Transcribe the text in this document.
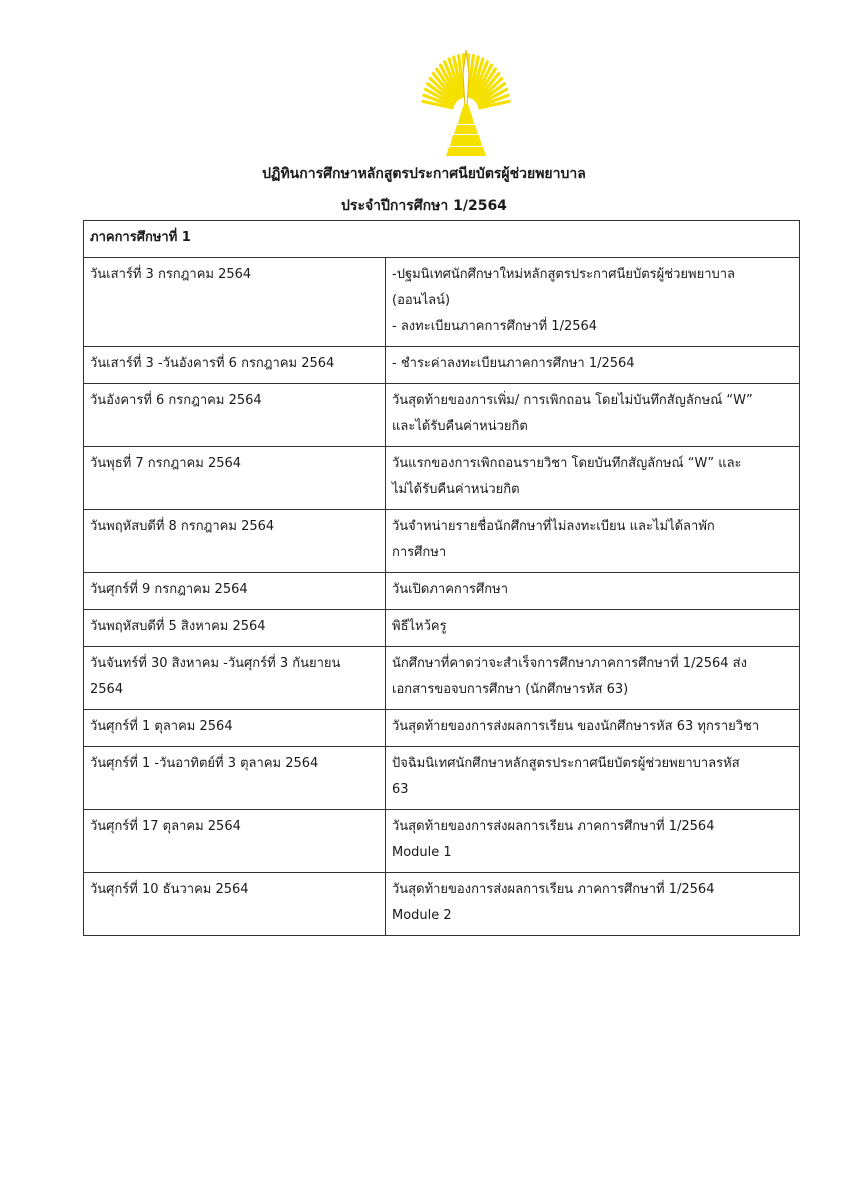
ปฏิทินการศึกษาหลักสูตรประกาศนียบัตรผู้ช่วยพยาบาล
ประจำปีการศึกษา 1/2564
ภาคการศึกษาที่ 1	

วันเสาร์ที่ 3 กรกฎาคม 2564	-ปฐมนิเทศนักศึกษาใหม่หลักสูตรประกาศนียบัตรผู้ช่วยพยาบาล
(ออนไลน์)
- ลงทะเบียนภาคการศึกษาที่ 1/2564

วันเสาร์ที่ 3 -วันอังคารที่ 6 กรกฎาคม 2564	- ชำระค่าลงทะเบียนภาคการศึกษา 1/2564

วันอังคารที่ 6 กรกฎาคม 2564	วันสุดท้ายของการเพิ่ม/ การเพิกถอน โดยไม่บันทึกสัญลักษณ์ “W”
และได้รับคืนค่าหน่วยกิต

วันพุธที่ 7 กรกฎาคม 2564	วันแรกของการเพิกถอนรายวิชา โดยบันทึกสัญลักษณ์ “W” และ
ไม่ได้รับคืนค่าหน่วยกิต

วันพฤหัสบดีที่ 8 กรกฎาคม 2564	วันจำหน่ายรายชื่อนักศึกษาที่ไม่ลงทะเบียน และไม่ได้ลาพัก
การศึกษา

วันศุกร์ที่ 9 กรกฎาคม 2564	วันเปิดภาคการศึกษา

วันพฤหัสบดีที่ 5 สิงหาคม 2564	พิธีไหว้ครู

วันจันทร์ที่ 30 สิงหาคม -วันศุกร์ที่ 3 กันยายน
2564	นักศึกษาที่คาดว่าจะสำเร็จการศึกษาภาคการศึกษาที่ 1/2564 ส่ง
เอกสารขอจบการศึกษา (นักศึกษารหัส 63)

วันศุกร์ที่ 1 ตุลาคม 2564	วันสุดท้ายของการส่งผลการเรียน ของนักศึกษารหัส 63 ทุกรายวิชา

วันศุกร์ที่ 1 -วันอาทิตย์ที่ 3 ตุลาคม 2564	ปัจฉิมนิเทศนักศึกษาหลักสูตรประกาศนียบัตรผู้ช่วยพยาบาลรหัส
63

วันศุกร์ที่ 17 ตุลาคม 2564	วันสุดท้ายของการส่งผลการเรียน ภาคการศึกษาที่ 1/2564
Module 1

วันศุกร์ที่ 10 ธันวาคม 2564	วันสุดท้ายของการส่งผลการเรียน ภาคการศึกษาที่ 1/2564
Module 2
